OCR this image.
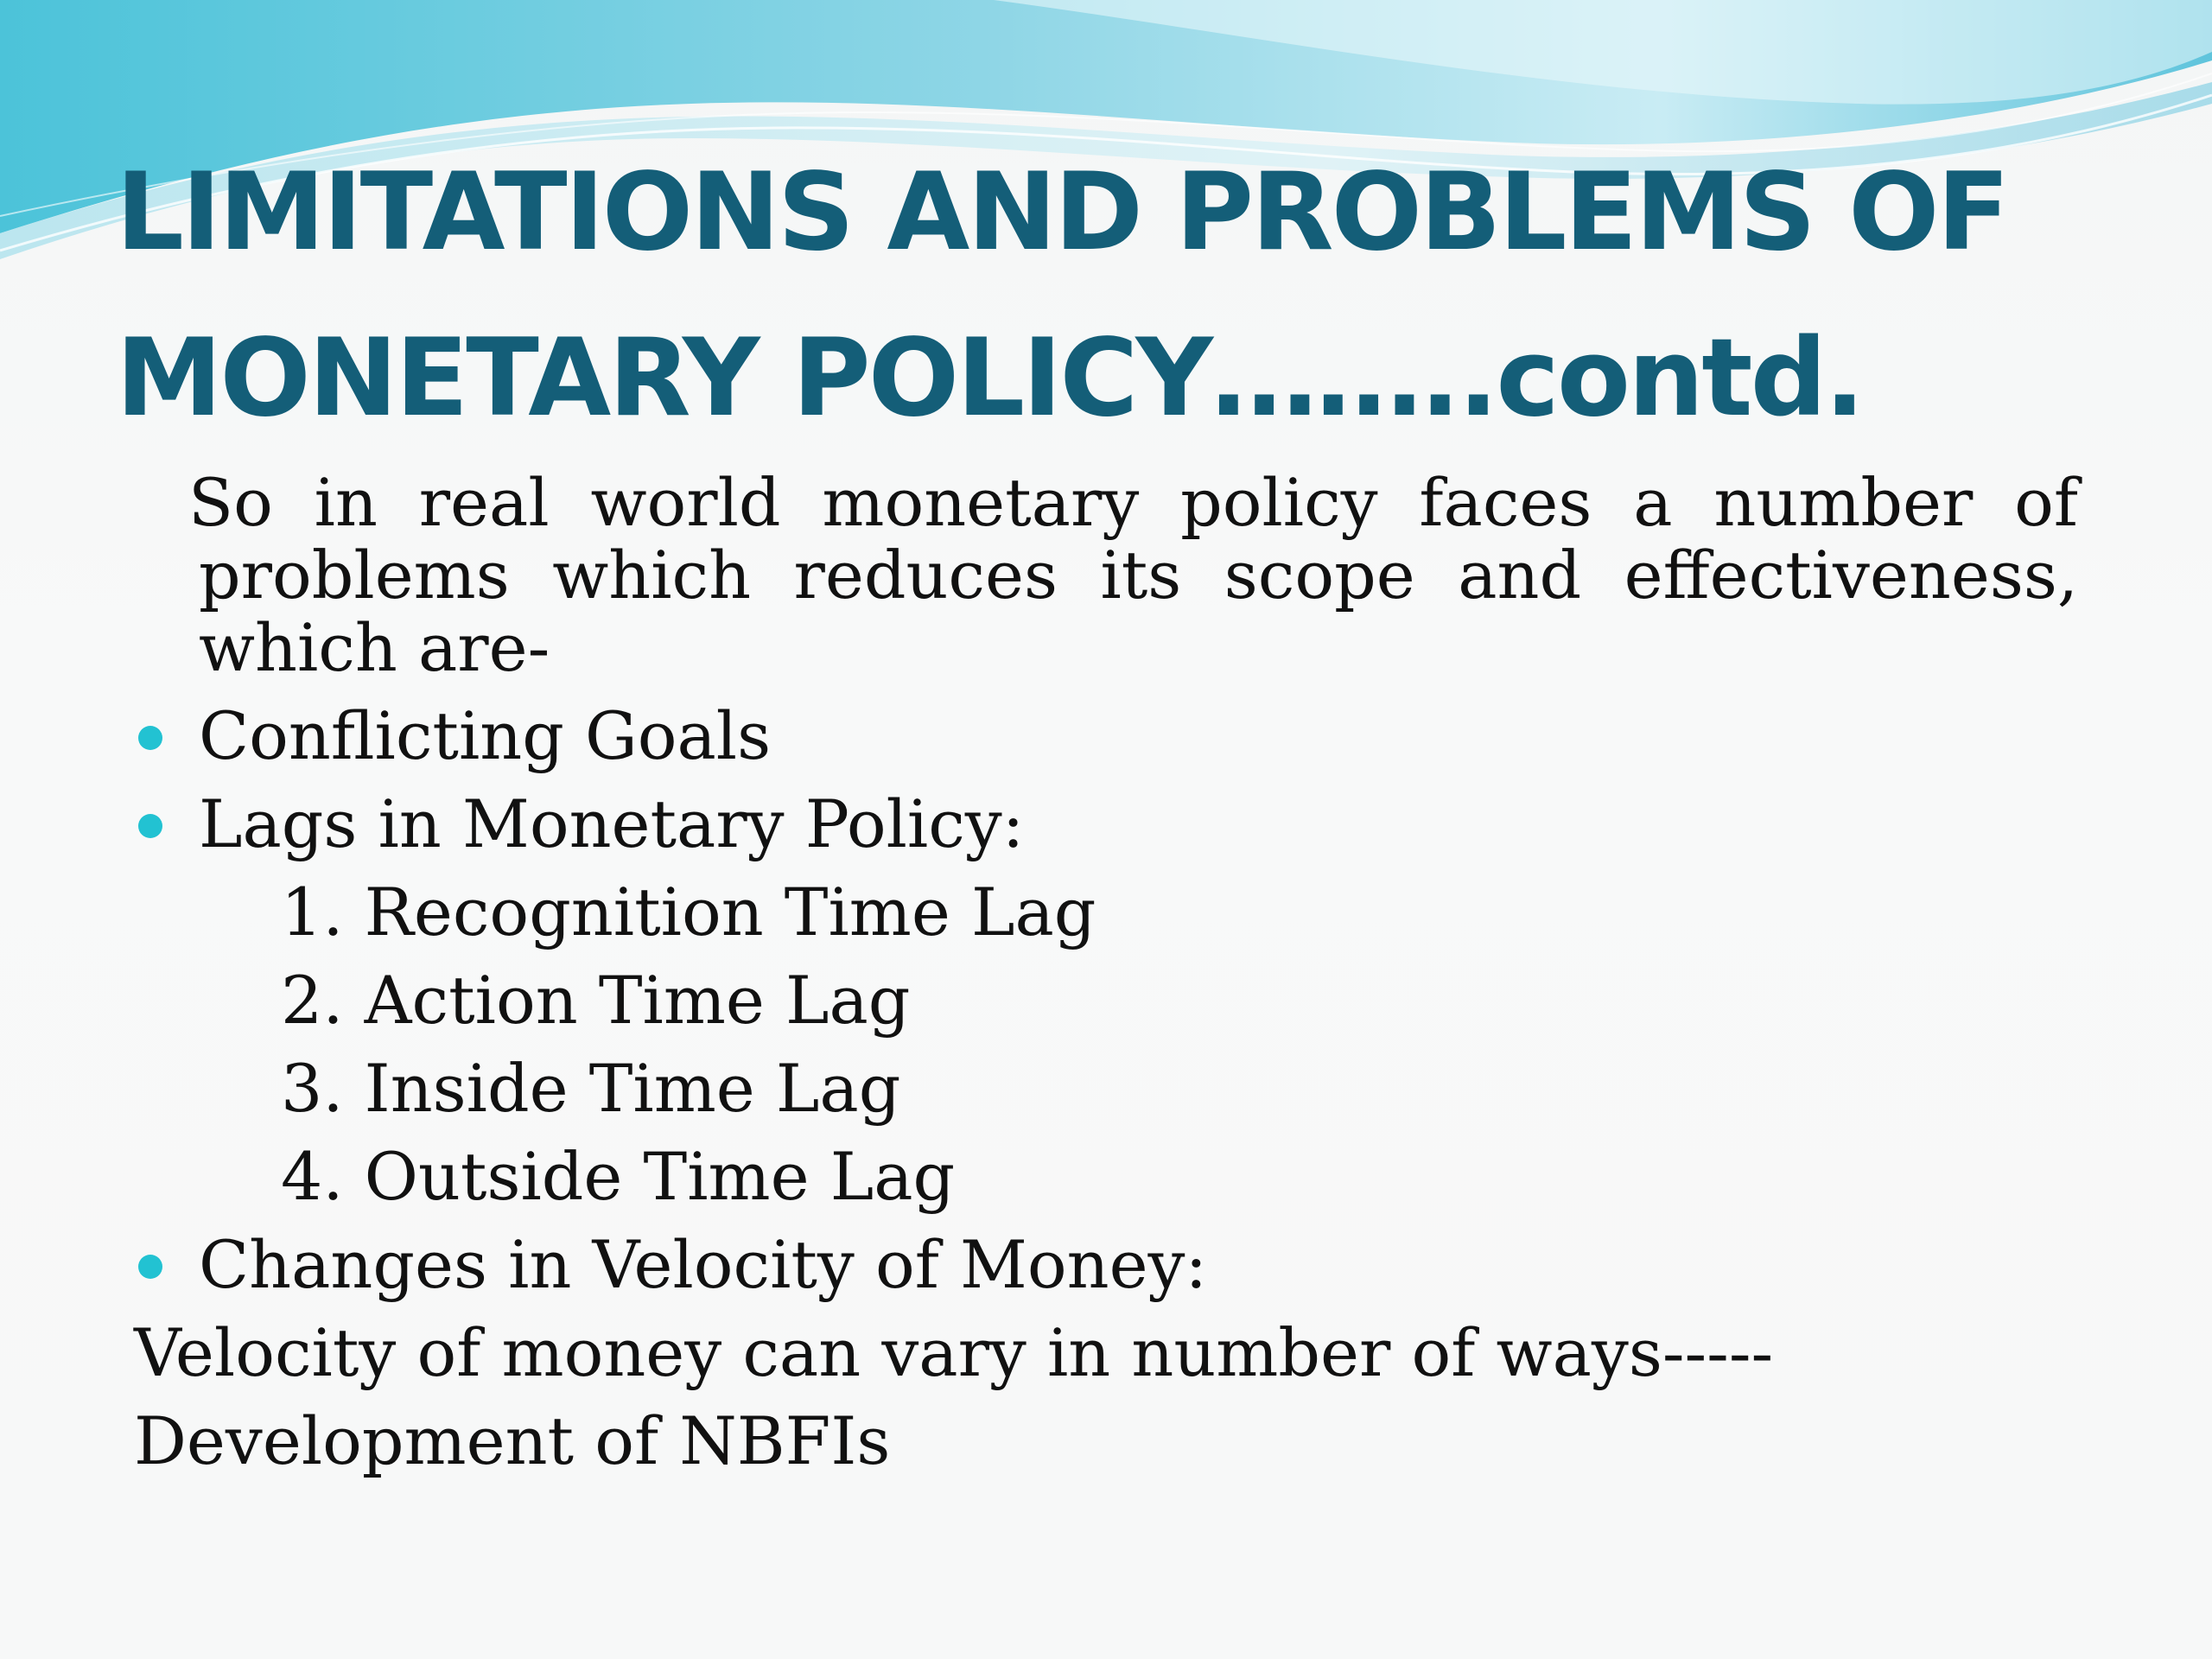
LIMITATIONS AND PROBLEMS OF
MONETARY POLICY……..contd.

So in real world monetary policy faces a number of problems which reduces its scope and effectiveness, which are-

Conflicting Goals
Lags in Monetary Policy:
1. Recognition Time Lag
2. Action Time Lag
3. Inside Time Lag
4. Outside Time Lag
Changes in Velocity of Money:
Velocity of money can vary in number of ways-----
Development of NBFIs
